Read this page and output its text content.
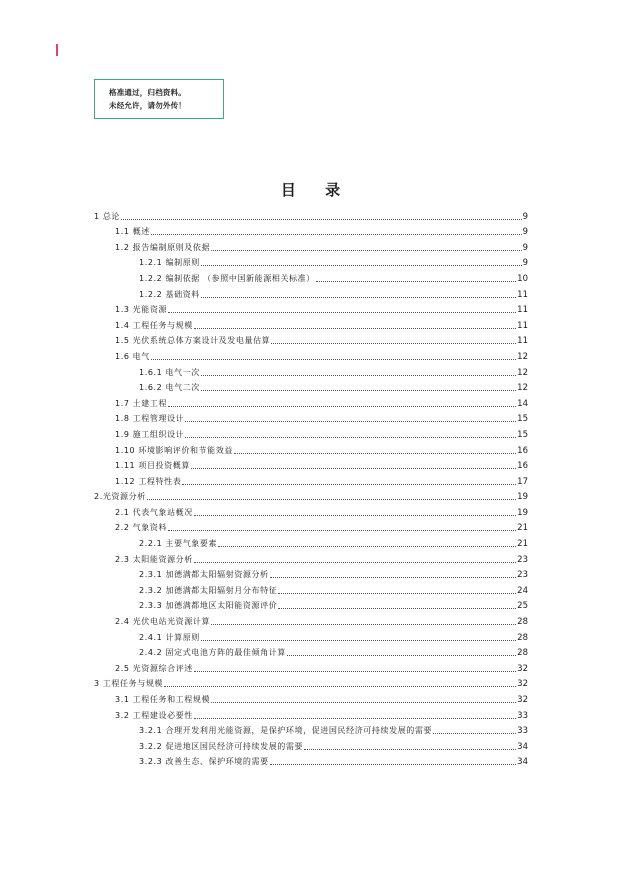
格准通过，归档资料。
未经允许，请勿外传！
目 录
1 总论	9
1.1 概述	9
1.2 报告编制原则及依据	9
1.2.1 编制原则	9
1.2.2 编制依据 （参照中国新能源相关标准）	10
1.2.2 基础资料	11
1.3 光能资源	11
1.4 工程任务与规模	11
1.5 光伏系统总体方案设计及发电量估算	11
1.6 电气	12
1.6.1 电气一次	12
1.6.2 电气二次	12
1.7 土建工程	14
1.8 工程管理设计	15
1.9 施工组织设计	15
1.10 环境影响评价和节能效益	16
1.11 项目投资概算	16
1.12 工程特性表	17
2.光资源分析	19
2.1 代表气象站概况	19
2.2 气象资料	21
2.2.1 主要气象要素	21
2.3 太阳能资源分析	23
2.3.1 加德满都太阳辐射资源分析	23
2.3.2 加德满都太阳辐射月分布特征	24
2.3.3 加德满都地区太阳能资源评价	25
2.4 光伏电站光资源计算	28
2.4.1 计算原则	28
2.4.2 固定式电池方阵的最佳倾角计算	28
2.5 光资源综合评述	32
3 工程任务与规模	32
3.1 工程任务和工程规模	32
3.2 工程建设必要性	33
3.2.1 合理开发利用光能资源，是保护环境，促进国民经济可持续发展的需要	33
3.2.2 促进地区国民经济可持续发展的需要	34
3.2.3 改善生态、保护环境的需要	34
